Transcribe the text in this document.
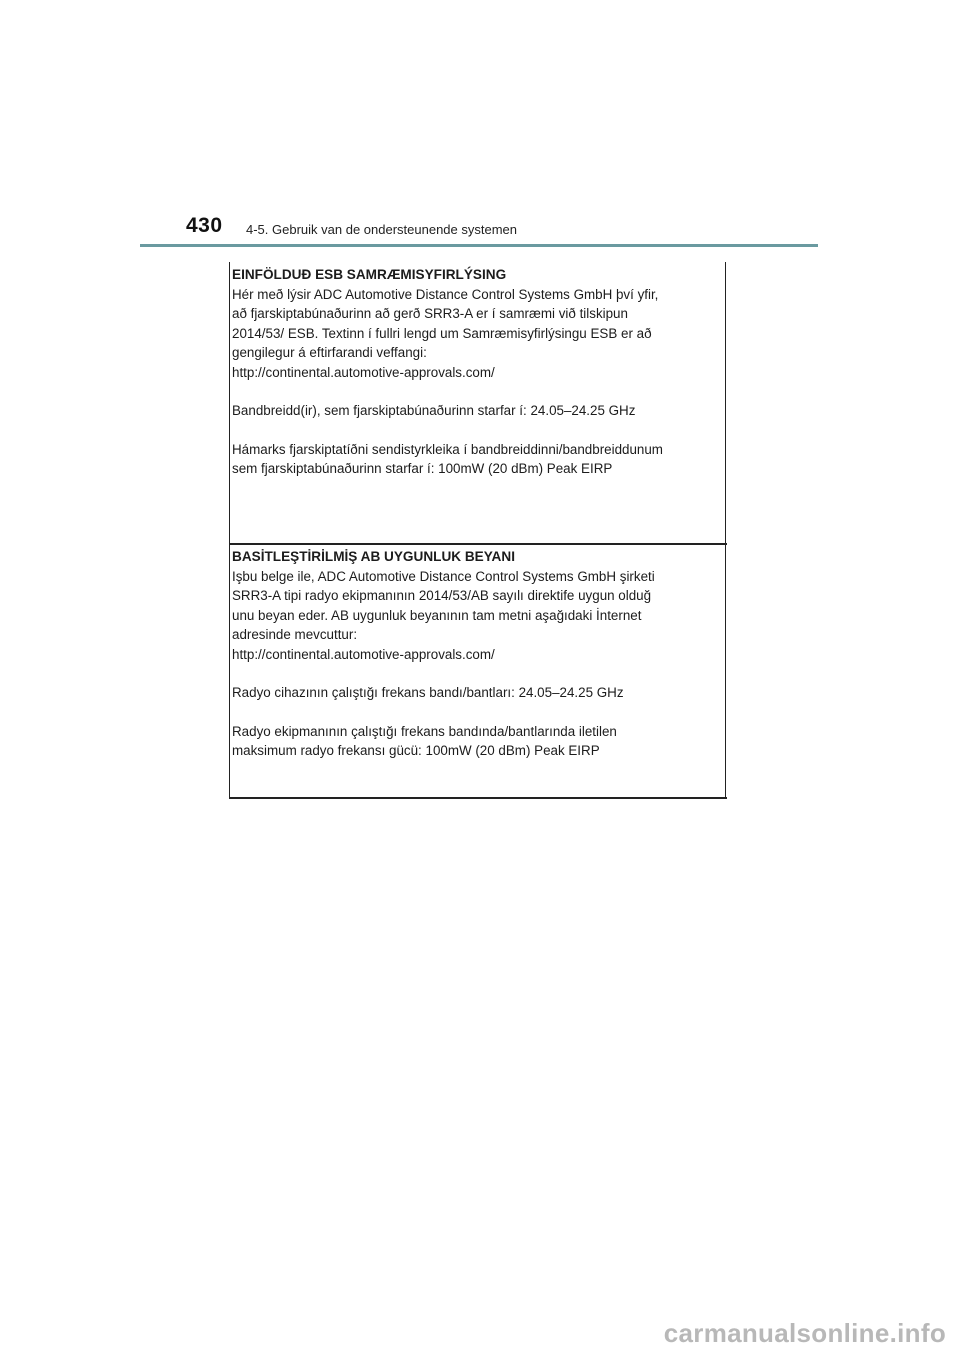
430 4-5. Gebruik van de ondersteunende systemen

EINFÖLDUÐ ESB SAMRÆMISYFIRLÝSING

Hér með lýsir ADC Automotive Distance Control Systems GmbH því yfir,
að fjarskiptabúnaðurinn að gerð SRR3-A er í samræmi við tilskipun
2014/53/ ESB. Textinn í fullri lengd um Samræmisyfirlýsingu ESB er að
gengilegur á eftirfarandi veffangi:
http://continental.automotive-approvals.com/
Bandbreidd(ir), sem fjarskiptabúnaðurinn starfar í: 24.05–24.25 GHz
Hámarks fjarskiptatíðni sendistyrkleika í bandbreiddinni/bandbreiddunum
sem fjarskiptabúnaðurinn starfar í: 100mW (20 dBm) Peak EIRP

BASİTLEŞTİRİLMİŞ AB UYGUNLUK BEYANI

Işbu belge ile, ADC Automotive Distance Control Systems GmbH şirketi
SRR3-A tipi radyo ekipmanının 2014/53/AB sayılı direktife uygun olduğ
unu beyan eder. AB uygunluk beyanının tam metni aşağıdaki İnternet
adresinde mevcuttur:
http://continental.automotive-approvals.com/
Radyo cihazının çalıştığı frekans bandı/bantları: 24.05–24.25 GHz
Radyo ekipmanının çalıştığı frekans bandında/bantlarında iletilen
maksimum radyo frekansı gücü: 100mW (20 dBm) Peak EIRP
carmanualsonline.info
